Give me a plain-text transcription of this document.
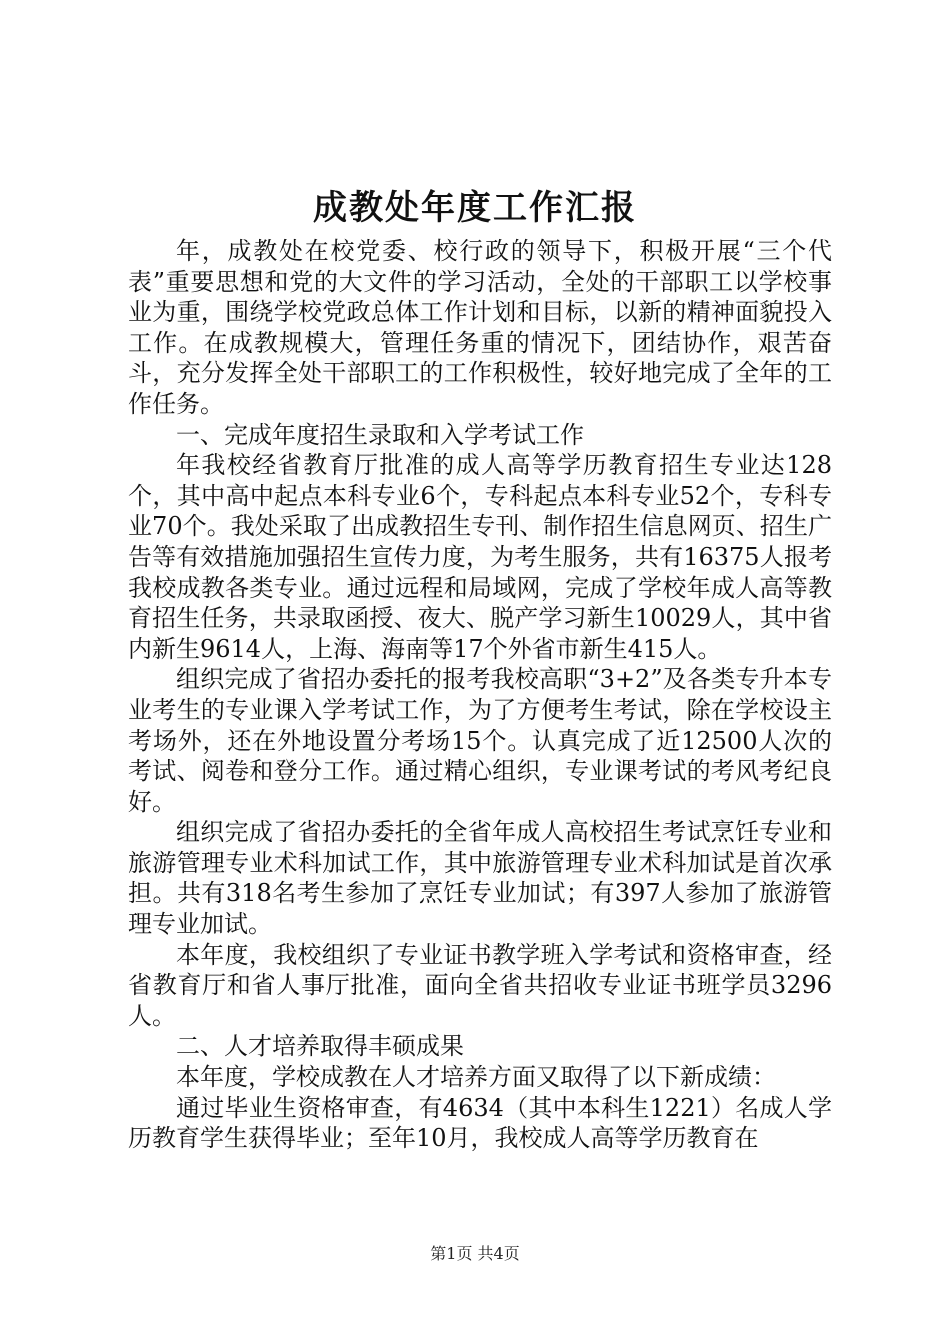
成教处年度工作汇报

年，成教处在校党委、校行政的领导下，积极开展“三个代表”重要思想和党的大文件的学习活动，全处的干部职工以学校事业为重，围绕学校党政总体工作计划和目标，以新的精神面貌投入工作。在成教规模大，管理任务重的情况下，团结协作，艰苦奋斗，充分发挥全处干部职工的工作积极性，较好地完成了全年的工作任务。

一、完成年度招生录取和入学考试工作

年我校经省教育厅批准的成人高等学历教育招生专业达128个，其中高中起点本科专业6个，专科起点本科专业52个，专科专业70个。我处采取了出成教招生专刊、制作招生信息网页、招生广告等有效措施加强招生宣传力度，为考生服务，共有16375人报考我校成教各类专业。通过远程和局域网，完成了学校年成人高等教育招生任务，共录取函授、夜大、脱产学习新生10029人，其中省内新生9614人，上海、海南等17个外省市新生415人。

组织完成了省招办委托的报考我校高职“3+2”及各类专升本专业考生的专业课入学考试工作，为了方便考生考试，除在学校设主考场外，还在外地设置分考场15个。认真完成了近12500人次的考试、阅卷和登分工作。通过精心组织，专业课考试的考风考纪良好。

组织完成了省招办委托的全省年成人高校招生考试烹饪专业和旅游管理专业术科加试工作，其中旅游管理专业术科加试是首次承担。共有318名考生参加了烹饪专业加试；有397人参加了旅游管理专业加试。

本年度，我校组织了专业证书教学班入学考试和资格审查，经省教育厅和省人事厅批准，面向全省共招收专业证书班学员3296人。

二、人才培养取得丰硕成果

本年度，学校成教在人才培养方面又取得了以下新成绩：

通过毕业生资格审查，有4634（其中本科生1221）名成人学历教育学生获得毕业；至年10月，我校成人高等学历教育在

第1页 共4页
